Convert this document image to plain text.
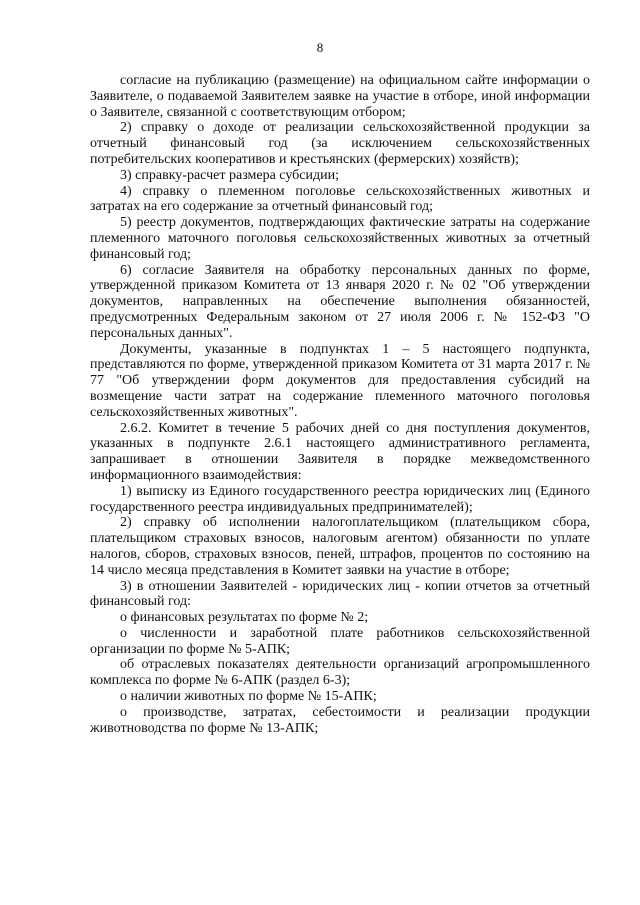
8

согласие на публикацию (размещение) на официальном сайте информации о Заявителе, о подаваемой Заявителем заявке на участие в отборе, иной информации о Заявителе, связанной с соответствующим отбором;

2) справку о доходе от реализации сельскохозяйственной продукции за отчетный финансовый год (за исключением сельскохозяйственных потребительских кооперативов и крестьянских (фермерских) хозяйств);

3) справку-расчет размера субсидии;

4) справку о племенном поголовье сельскохозяйственных животных и затратах на его содержание за отчетный финансовый год;

5) реестр документов, подтверждающих фактические затраты на содержание племенного маточного поголовья сельскохозяйственных животных за отчетный финансовый год;

6) согласие Заявителя на обработку персональных данных по форме, утвержденной приказом Комитета от 13 января 2020 г. № 02 "Об утверждении документов, направленных на обеспечение выполнения обязанностей, предусмотренных Федеральным законом от 27 июля 2006 г. № 152-ФЗ "О персональных данных".

Документы, указанные в подпунктах 1 – 5 настоящего подпункта, представляются по форме, утвержденной приказом Комитета от 31 марта 2017 г. № 77 "Об утверждении форм документов для предоставления субсидий на возмещение части затрат на содержание племенного маточного поголовья сельскохозяйственных животных".

2.6.2. Комитет в течение 5 рабочих дней со дня поступления документов, указанных в подпункте 2.6.1 настоящего административного регламента, запрашивает в отношении Заявителя в порядке межведомственного информационного взаимодействия:

1) выписку из Единого государственного реестра юридических лиц (Единого государственного реестра индивидуальных предпринимателей);

2) справку об исполнении налогоплательщиком (плательщиком сбора, плательщиком страховых взносов, налоговым агентом) обязанности по уплате налогов, сборов, страховых взносов, пеней, штрафов, процентов по состоянию на 14 число месяца представления в Комитет заявки на участие в отборе;

3) в отношении Заявителей - юридических лиц - копии отчетов за отчетный финансовый год:

о финансовых результатах по форме № 2;

о численности и заработной плате работников сельскохозяйственной организации по форме № 5-АПК;

об отраслевых показателях деятельности организаций агропромышленного комплекса по форме № 6-АПК (раздел 6-3);

о наличии животных по форме № 15-АПК;

о производстве, затратах, себестоимости и реализации продукции животноводства по форме № 13-АПК;
